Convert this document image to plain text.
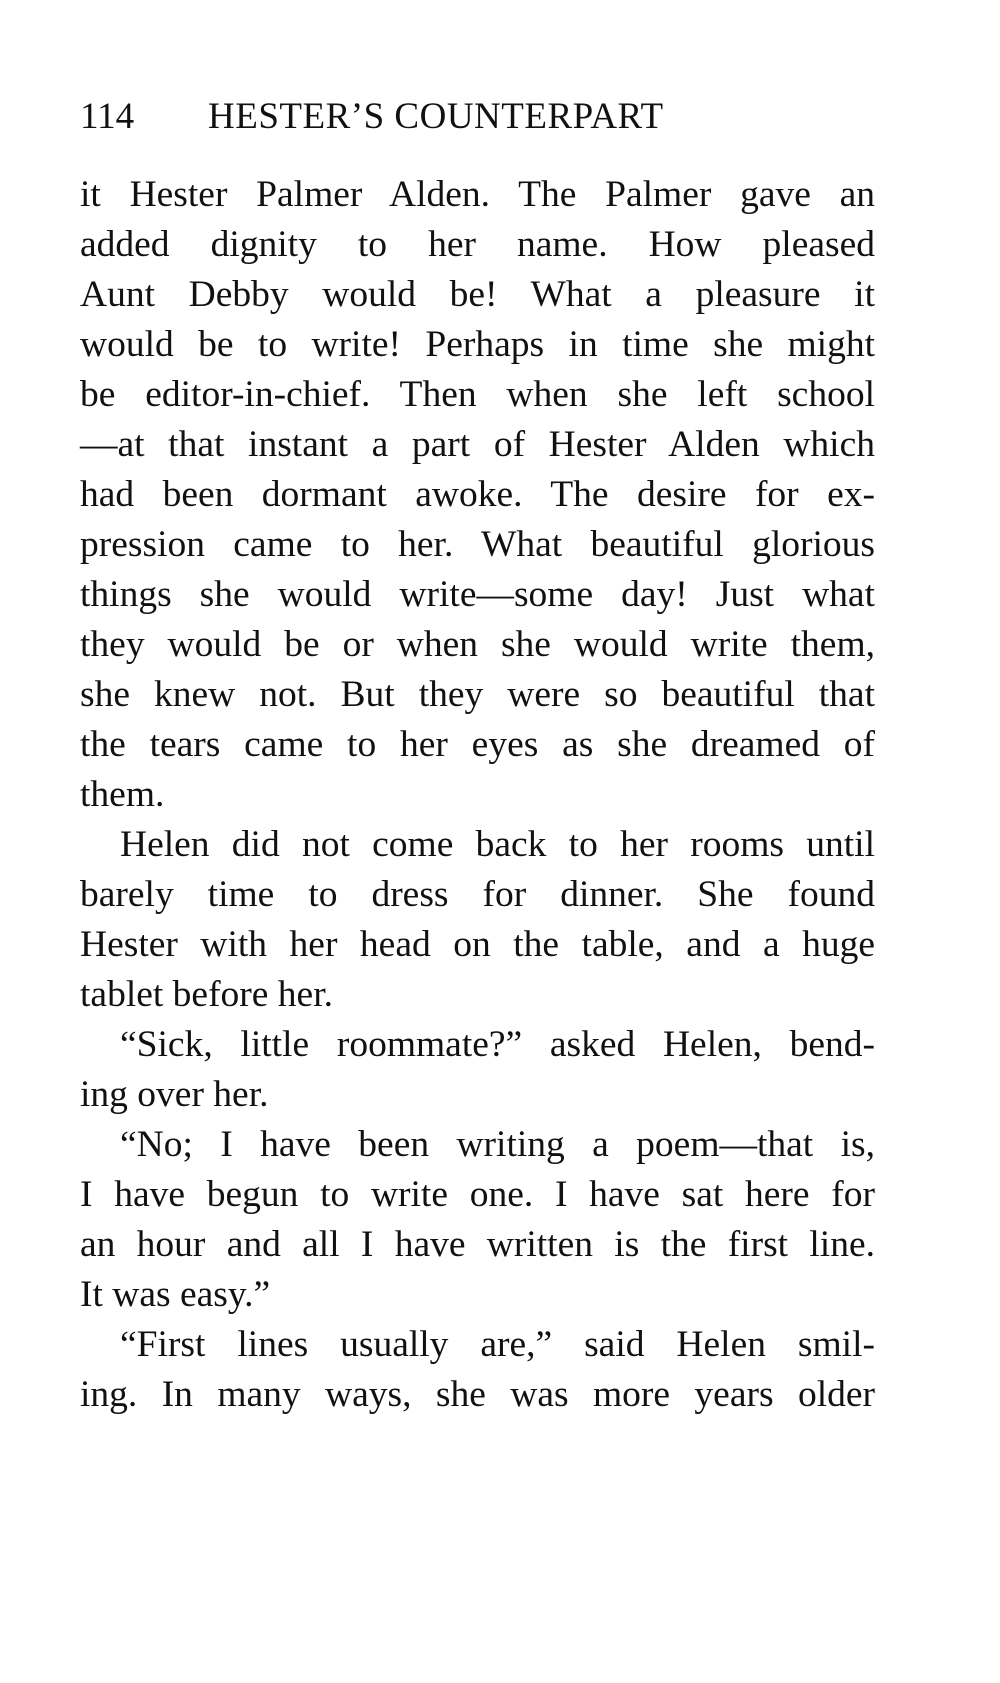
114 HESTER’S COUNTERPART
it Hester Palmer Alden. The Palmer gave an
added dignity to her name. How pleased
Aunt Debby would be! What a pleasure it
would be to write! Perhaps in time she might
be editor-in-chief. Then when she left school
—at that instant a part of Hester Alden which
had been dormant awoke. The desire for ex-
pression came to her. What beautiful glorious
things she would write—some day! Just what
they would be or when she would write them,
she knew not. But they were so beautiful that
the tears came to her eyes as she dreamed of
them.
Helen did not come back to her rooms until
barely time to dress for dinner. She found
Hester with her head on the table, and a huge
tablet before her.
“Sick, little roommate?” asked Helen, bend-
ing over her.
“No; I have been writing a poem—that is,
I have begun to write one. I have sat here for
an hour and all I have written is the first line.
It was easy.”
“First lines usually are,” said Helen smil-
ing. In many ways, she was more years older
